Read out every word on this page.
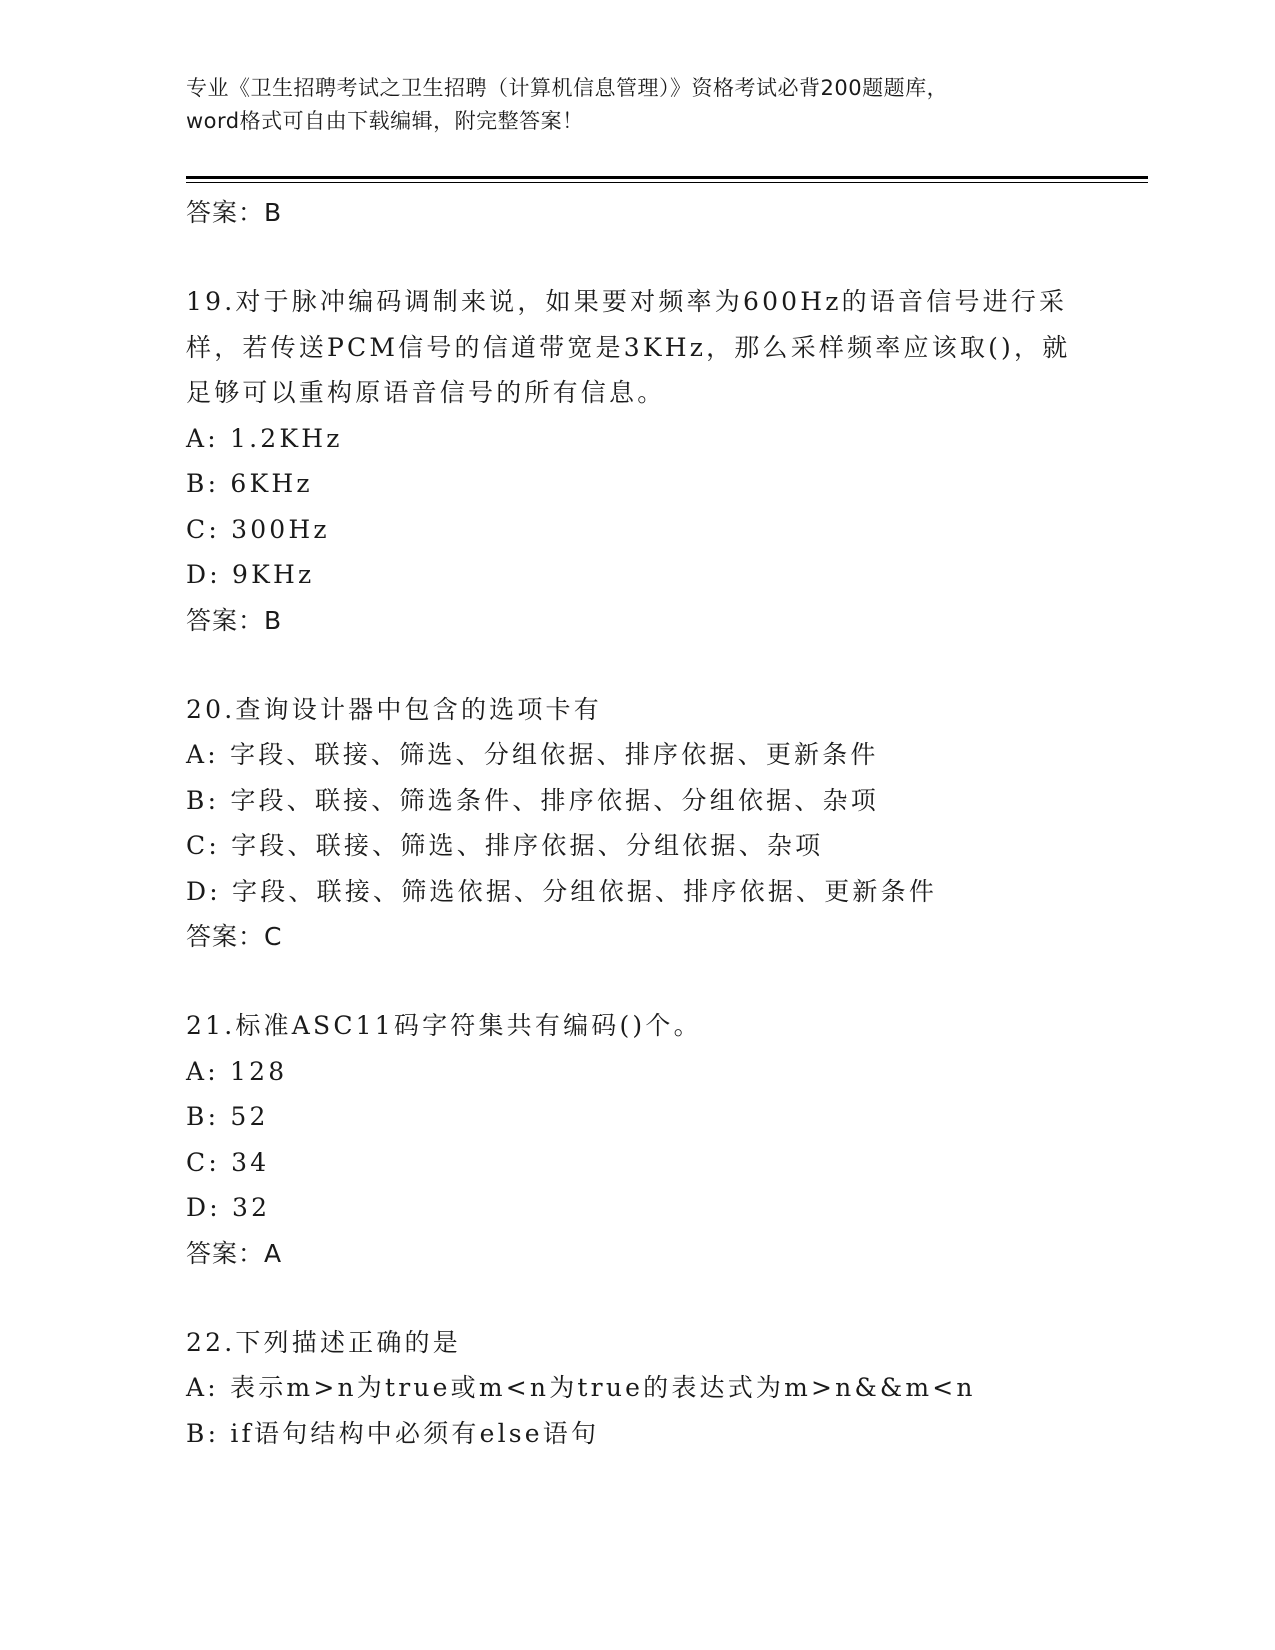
专业《卫生招聘考试之卫生招聘（计算机信息管理）》资格考试必背200题题库，
word格式可自由下载编辑，附完整答案！
答案：B
19.对于脉冲编码调制来说，如果要对频率为600Hz的语音信号进行采
样，若传送PCM信号的信道带宽是3KHz，那么采样频率应该取()，就
足够可以重构原语音信号的所有信息。
A: 1.2KHz
B: 6KHz
C: 300Hz
D: 9KHz
答案：B
20.查询设计器中包含的选项卡有
A: 字段、联接、筛选、分组依据、排序依据、更新条件
B: 字段、联接、筛选条件、排序依据、分组依据、杂项
C: 字段、联接、筛选、排序依据、分组依据、杂项
D: 字段、联接、筛选依据、分组依据、排序依据、更新条件
答案：C
21.标准ASC11码字符集共有编码()个。
A: 128
B: 52
C: 34
D: 32
答案：A
22.下列描述正确的是
A: 表示m>n为true或m<n为true的表达式为m>n&&m<n
B: if语句结构中必须有else语句
